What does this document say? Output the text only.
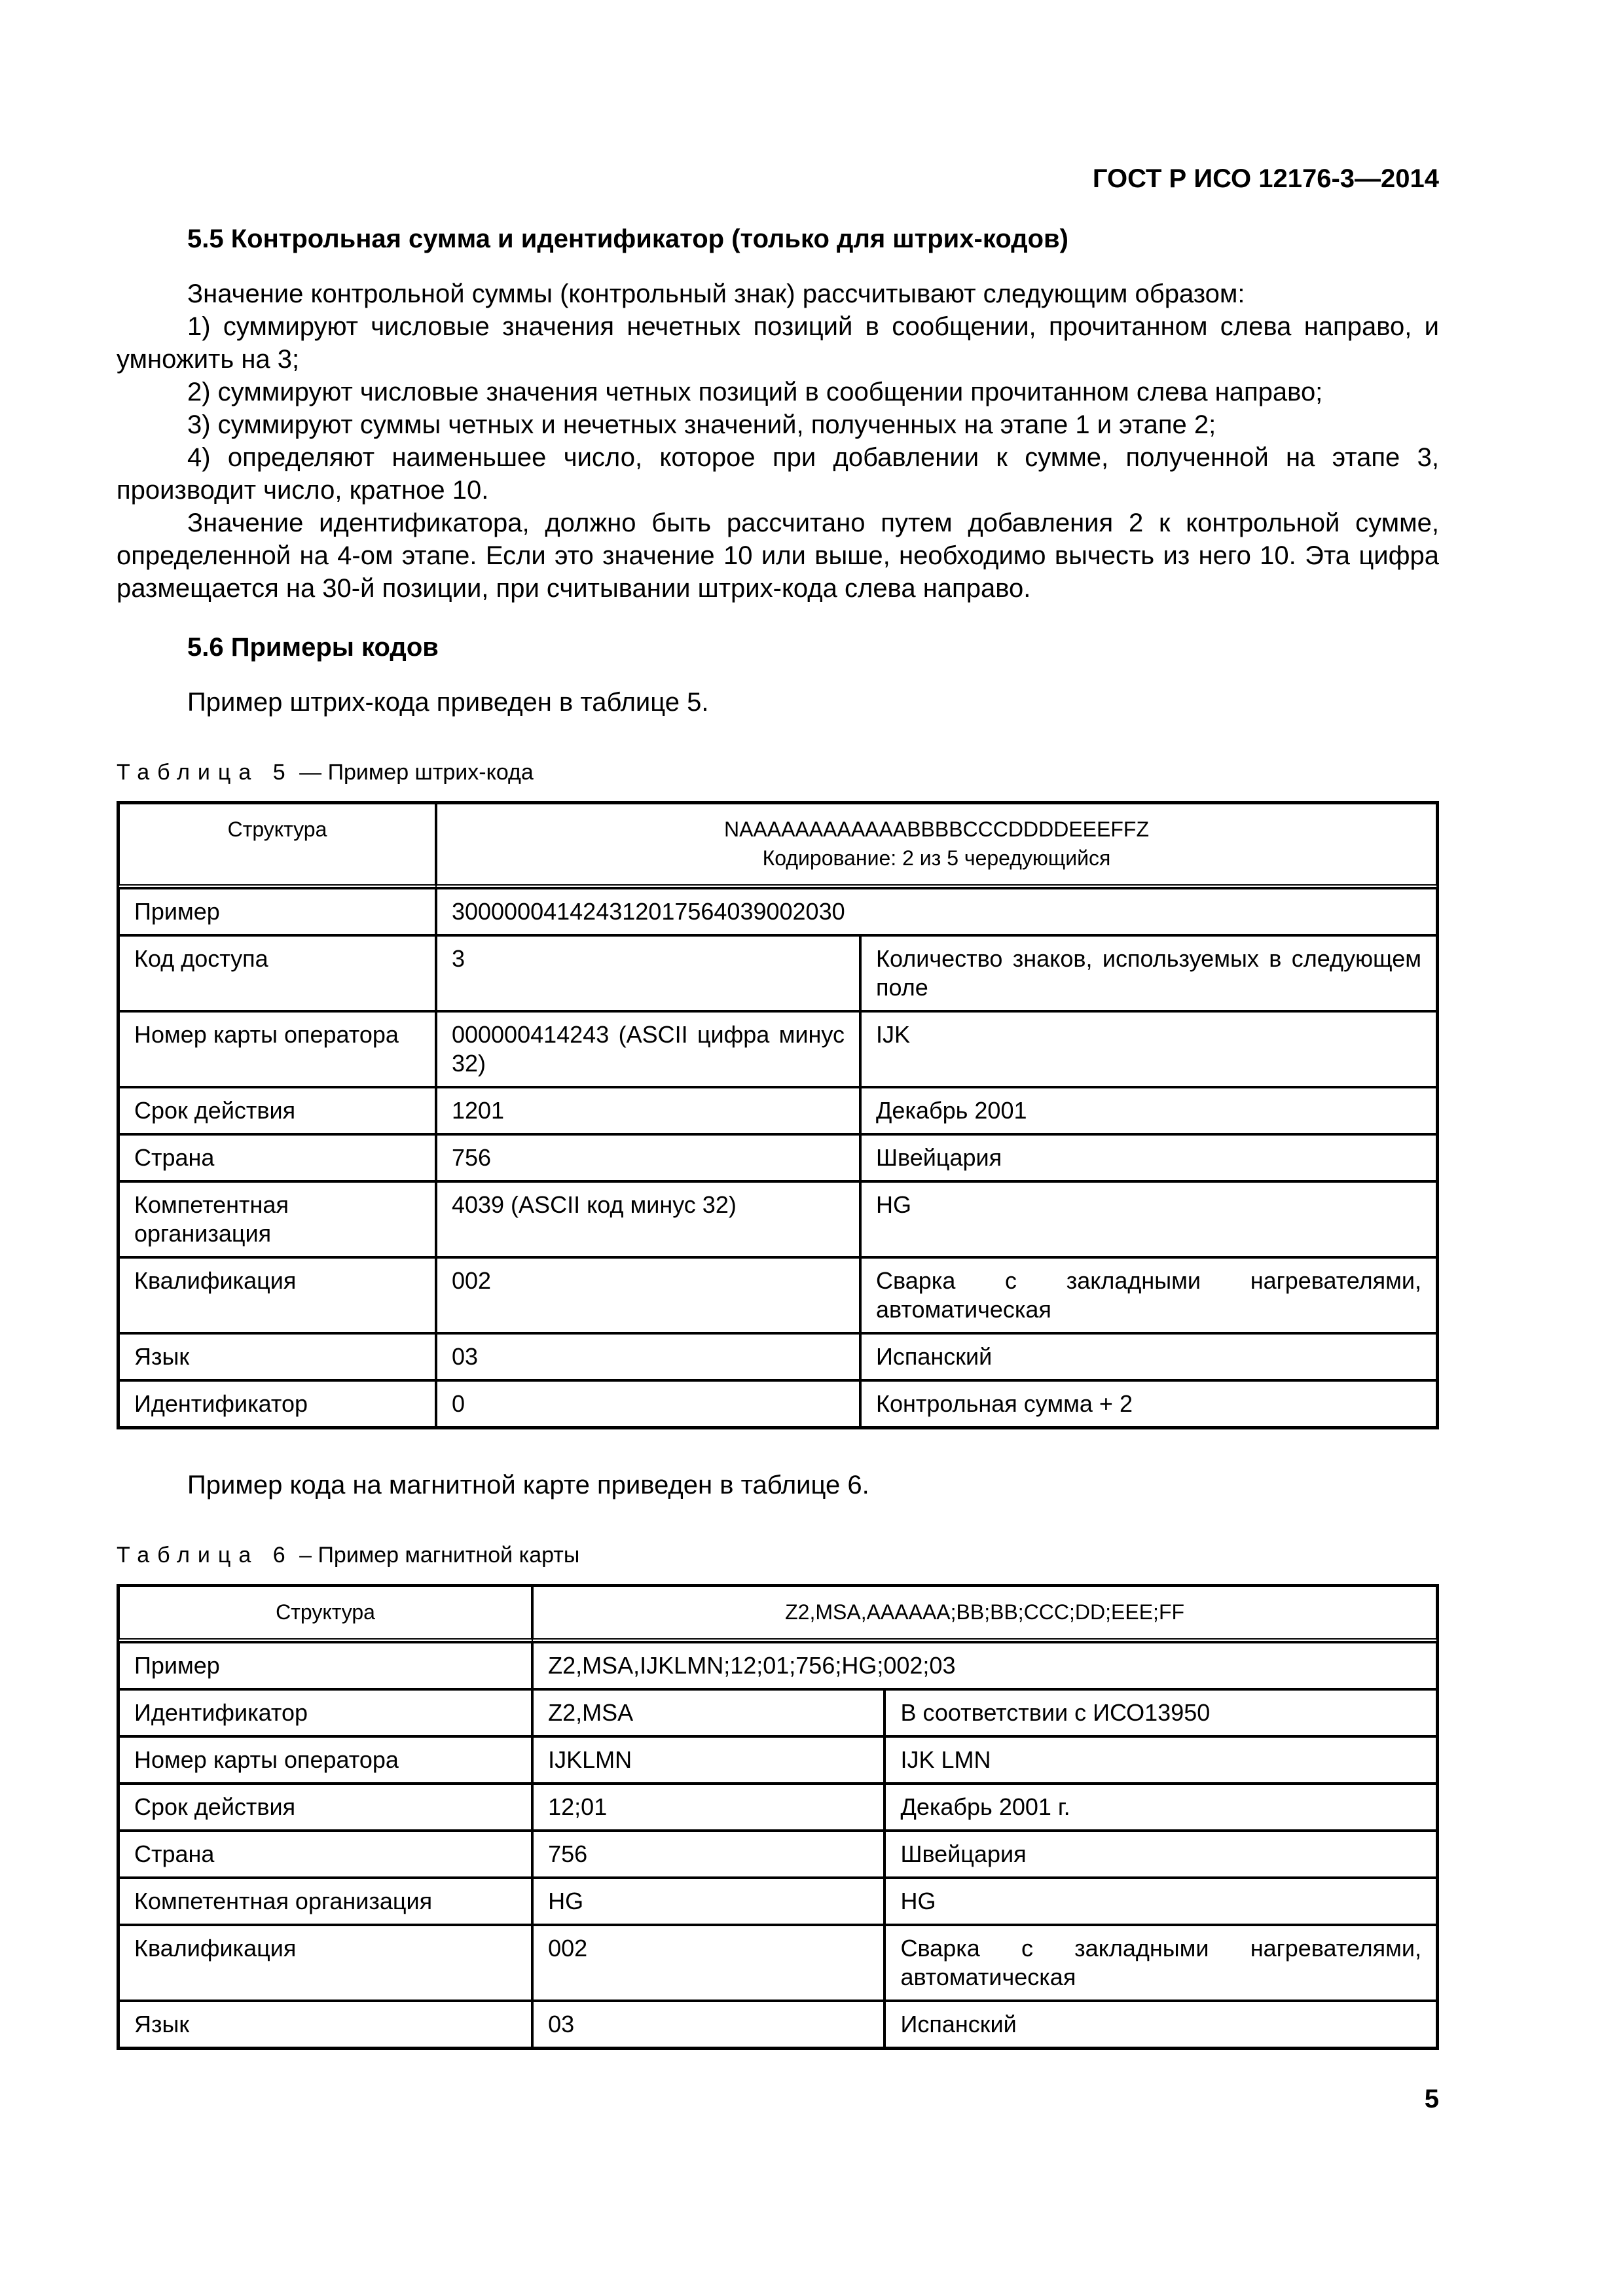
ГОСТ Р ИСО 12176-3—2014
5.5 Контрольная сумма и идентификатор (только для штрих-кодов)

Значение контрольной суммы (контрольный знак) рассчитывают следующим образом:

1) суммируют числовые значения нечетных позиций в сообщении, прочитанном слева направо, и умножить на 3;

2) суммируют числовые значения четных позиций в сообщении прочитанном слева направо;

3) суммируют суммы четных и нечетных значений, полученных на этапе 1 и этапе 2;

4) определяют наименьшее число, которое при добавлении к сумме, полученной на этапе 3, производит число, кратное 10.

Значение идентификатора, должно быть рассчитано путем добавления 2 к контрольной сумме, определенной на 4-ом этапе. Если это значение 10 или выше, необходимо вычесть из него 10. Эта цифра размещается на 30-й позиции, при считывании штрих-кода слева направо.

5.6 Примеры кодов

Пример штрих-кода приведен в таблице 5.

Таблица 5 — Пример штрих-кода
Структура	NAAAAAAAAAAAABBBBCCCDDDDEEEFFZ
Кодирование: 2 из 5 чередующийся	

Пример	300000041424312017564039002030	
Код доступа	3	Количество знаков, используемых в следующем поле
Номер карты оператора	000000414243 (ASCII цифра минус 32)	IJK
Срок действия	1201	Декабрь 2001
Страна	756	Швейцария
Компетентная организация	4039 (ASCII код минус 32)	HG
Квалификация	002	Сварка с закладными нагревателями, автоматическая
Язык	03	Испанский
Идентификатор	0	Контрольная сумма + 2

Пример кода на магнитной карте приведен в таблице 6.

Таблица 6 – Пример магнитной карты
Структура	Z2,MSA,AAAAAA;BB;BB;CCC;DD;EEE;FF	
Пример	Z2,MSA,IJKLMN;12;01;756;HG;002;03	
Идентификатор	Z2,MSA	В соответствии с ИСО13950
Номер карты оператора	IJKLMN	IJK LMN
Срок действия	12;01	Декабрь 2001 г.
Страна	756	Швейцария
Компетентная организация	HG	HG
Квалификация	002	Сварка с закладными нагревателями, автоматическая
Язык	03	Испанский
5
